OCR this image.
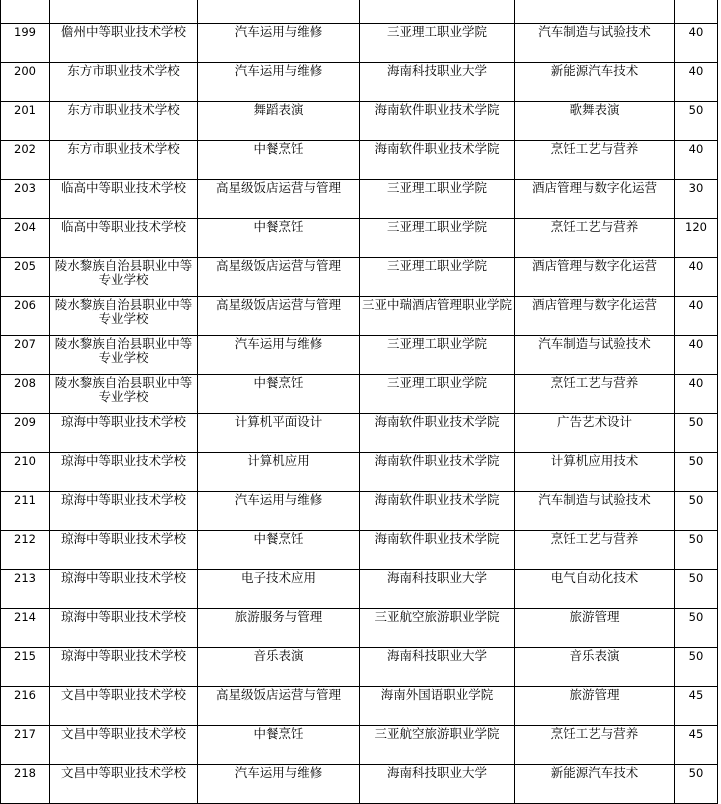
199	儋州中等职业技术学校	汽车运用与维修	三亚理工职业学院	汽车制造与试验技术	40
200	东方市职业技术学校	汽车运用与维修	海南科技职业大学	新能源汽车技术	40
201	东方市职业技术学校	舞蹈表演	海南软件职业技术学院	歌舞表演	50
202	东方市职业技术学校	中餐烹饪	海南软件职业技术学院	烹饪工艺与营养	40
203	临高中等职业技术学校	高星级饭店运营与管理	三亚理工职业学院	酒店管理与数字化运营	30
204	临高中等职业技术学校	中餐烹饪	三亚理工职业学院	烹饪工艺与营养	120
205	陵水黎族自治县职业中等专业学校	高星级饭店运营与管理	三亚理工职业学院	酒店管理与数字化运营	40
206	陵水黎族自治县职业中等专业学校	高星级饭店运营与管理	三亚中瑞酒店管理职业学院	酒店管理与数字化运营	40
207	陵水黎族自治县职业中等专业学校	汽车运用与维修	三亚理工职业学院	汽车制造与试验技术	40
208	陵水黎族自治县职业中等专业学校	中餐烹饪	三亚理工职业学院	烹饪工艺与营养	40
209	琼海中等职业技术学校	计算机平面设计	海南软件职业技术学院	广告艺术设计	50
210	琼海中等职业技术学校	计算机应用	海南软件职业技术学院	计算机应用技术	50
211	琼海中等职业技术学校	汽车运用与维修	海南软件职业技术学院	汽车制造与试验技术	50
212	琼海中等职业技术学校	中餐烹饪	海南软件职业技术学院	烹饪工艺与营养	50
213	琼海中等职业技术学校	电子技术应用	海南科技职业大学	电气自动化技术	50
214	琼海中等职业技术学校	旅游服务与管理	三亚航空旅游职业学院	旅游管理	50
215	琼海中等职业技术学校	音乐表演	海南科技职业大学	音乐表演	50
216	文昌中等职业技术学校	高星级饭店运营与管理	海南外国语职业学院	旅游管理	45
217	文昌中等职业技术学校	中餐烹饪	三亚航空旅游职业学院	烹饪工艺与营养	45
218	文昌中等职业技术学校	汽车运用与维修	海南科技职业大学	新能源汽车技术	50
